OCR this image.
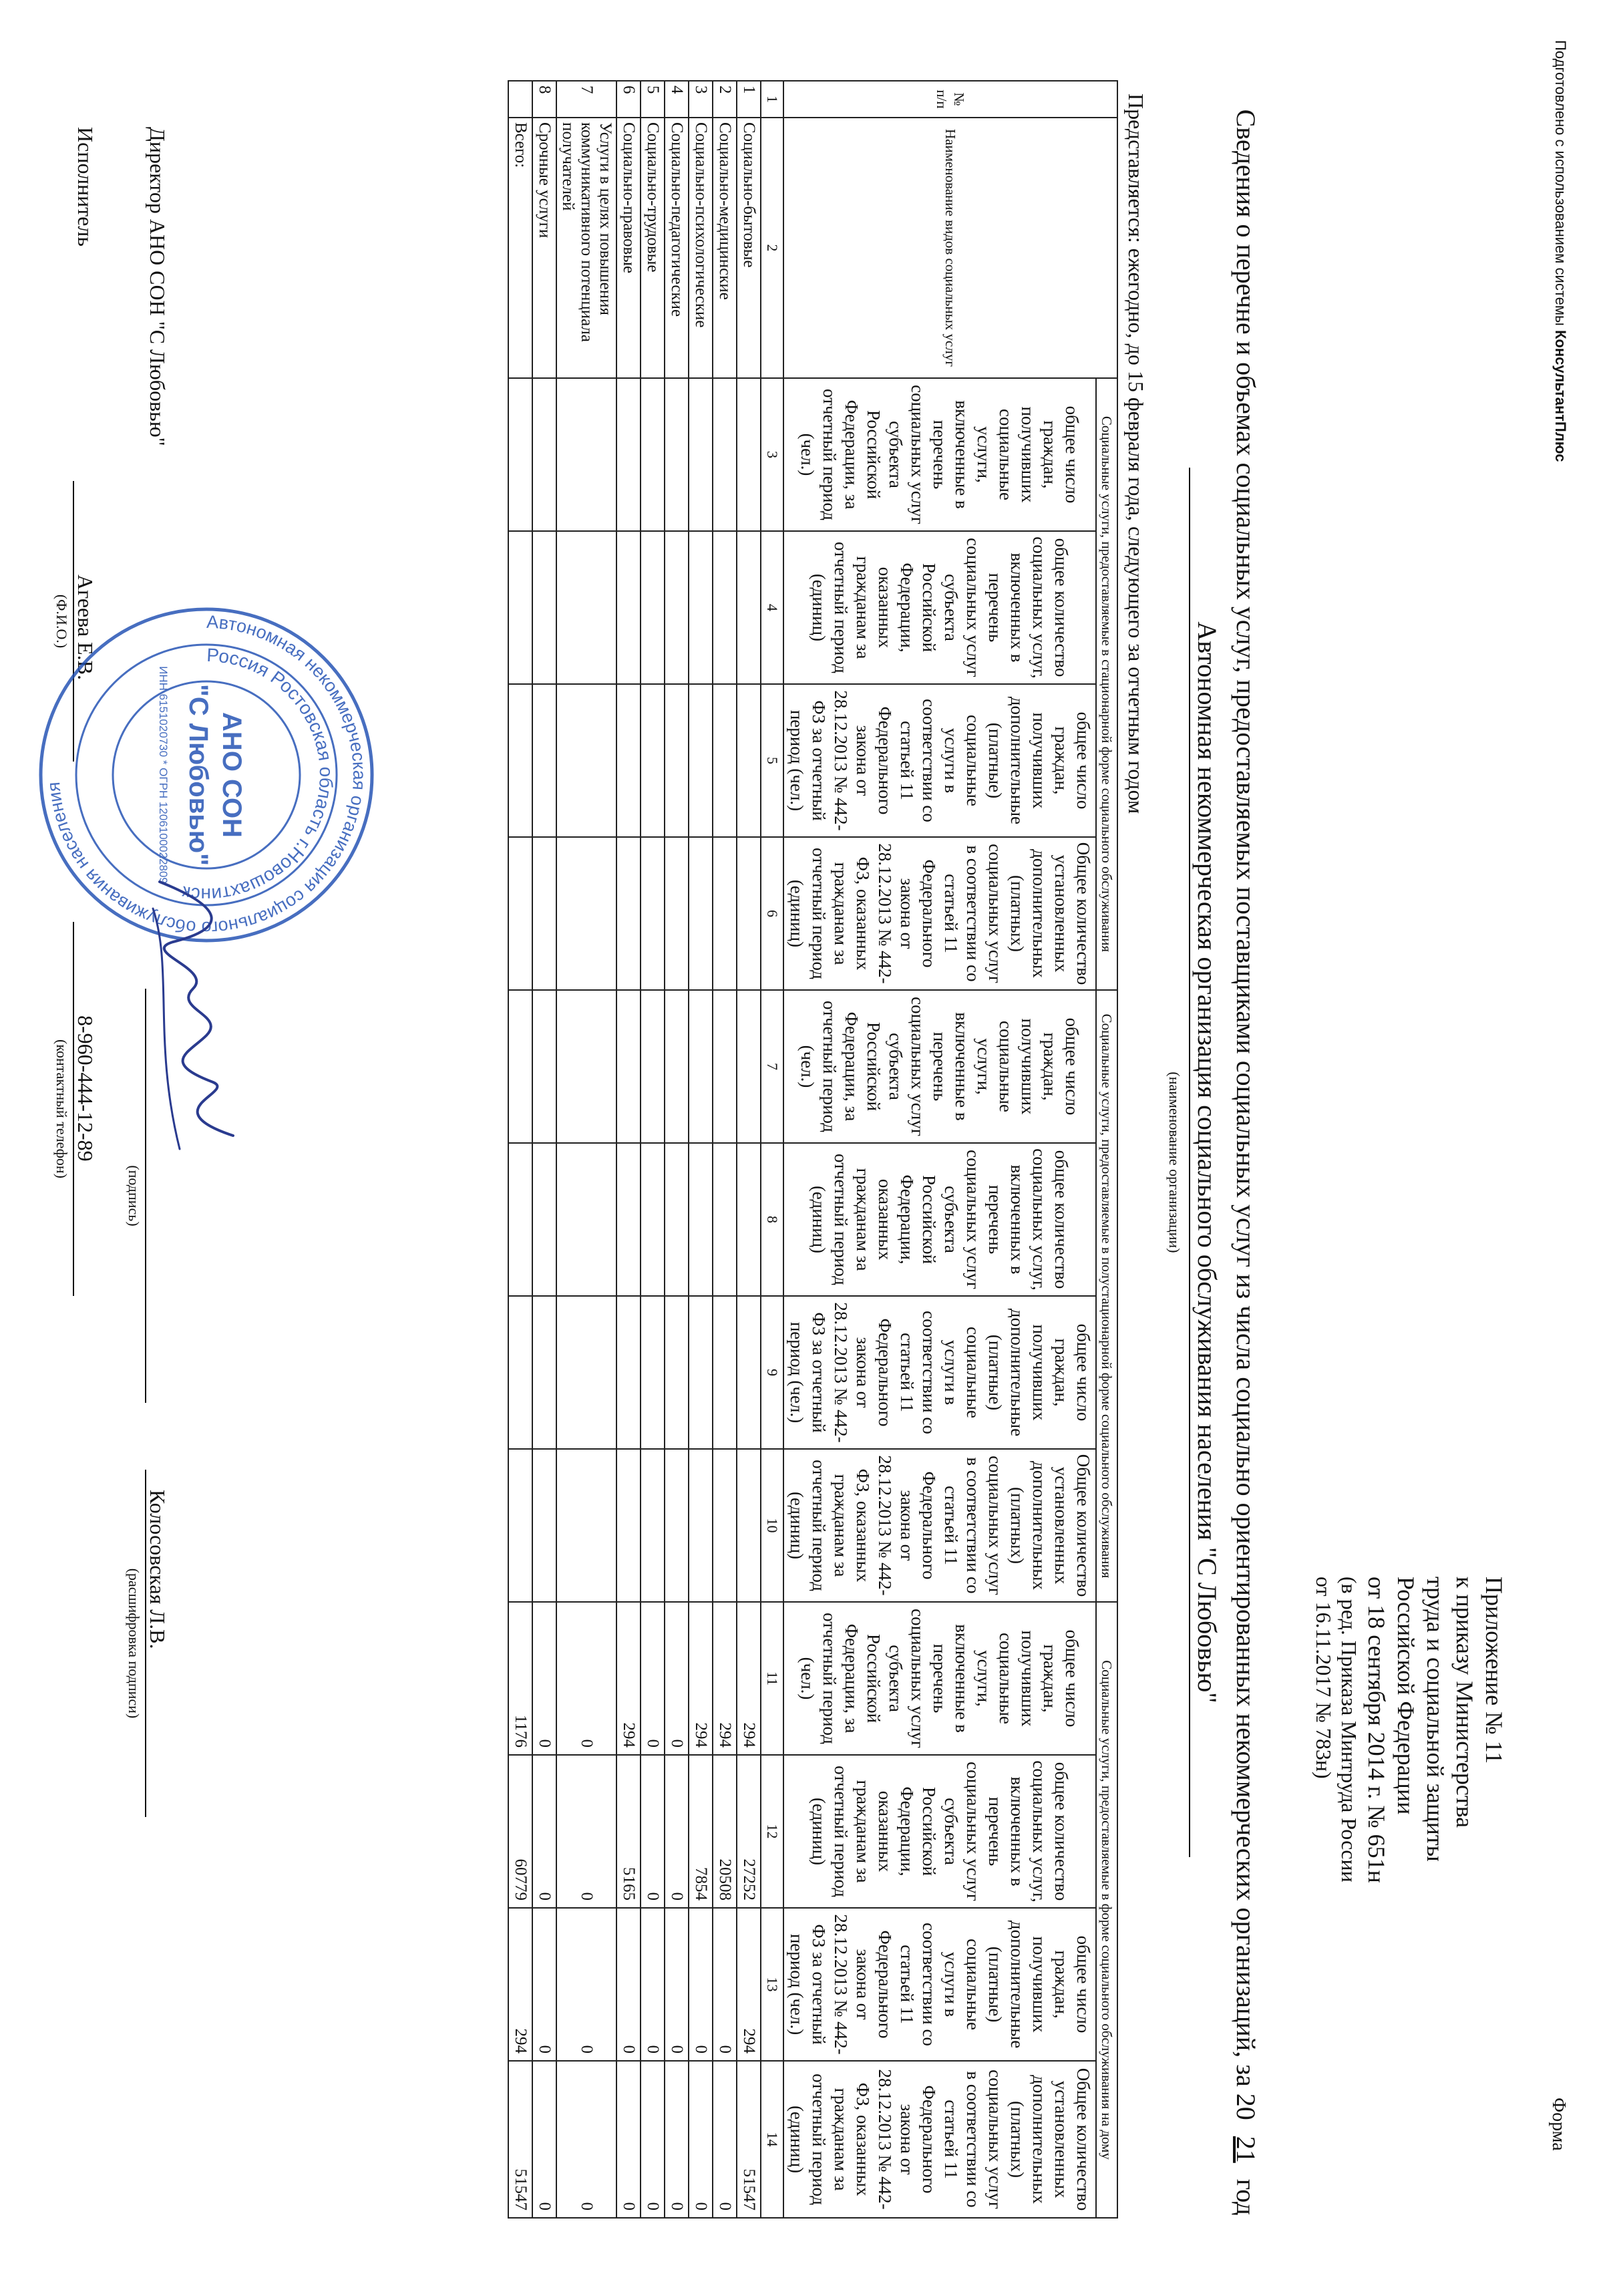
Подготовлено с использованием системы КонсультантПлюс
Форма
Приложение № 11
к приказу Министерства
труда и социальной защиты
Российской Федерации
от 18 сентября 2014 г. № 651н
(в ред. Приказа Минтруда России
от 16.11.2017 № 783н)
Сведения о перечне и объемах социальных услуг, предоставляемых поставщиками социальных услуг из числа социально ориентированных некоммерческих организаций, за 20 21 год
Автономная некоммерческая организация социального обслуживания населения "С Любовью"
(наименование организации)
Представляется: ежегодно, до 15 февраля года, следующего за отчетным годом
№ п/п	Наименование видов социальных услуг	Социальные услуги, предоставляемые в стационарной форме социального обслуживания				Социальные услуги, предоставляемые в полустационарной форме социального обслуживания				Социальные услуги, предоставляемые в форме социального обслуживания на дому			
		общее число граждан, получивших социальные услуги, включенные в перечень социальных услуг субъекта Российской Федерации, за отчетный период (чел.)	общее количество социальных услуг, включенных в перечень социальных услуг субъекта Российской Федерации, оказанных гражданам за отчетный период (единиц)	общее число граждан, получивших дополнительные (платные) социальные услуги в соответствии со статьей 11 Федерального закона от 28.12.2013 № 442-ФЗ за отчетный период (чел.)	Общее количество установленных дополнительных (платных) социальных услуг в соответствии со статьей 11 Федерального закона от 28.12.2013 № 442-ФЗ, оказанных гражданам за отчетный период (единиц)	общее число граждан, получивших социальные услуги, включенные в перечень социальных услуг субъекта Российской Федерации, за отчетный период (чел.)	общее количество социальных услуг, включенных в перечень социальных услуг субъекта Российской Федерации, оказанных гражданам за отчетный период (единиц)	общее число граждан, получивших дополнительные (платные) социальные услуги в соответствии со статьей 11 Федерального закона от 28.12.2013 № 442-ФЗ за отчетный период (чел.)	Общее количество установленных дополнительных (платных) социальных услуг в соответствии со статьей 11 Федерального закона от 28.12.2013 № 442-ФЗ, оказанных гражданам за отчетный период (единиц)	общее число граждан, получивших социальные услуги, включенные в перечень социальных услуг субъекта Российской Федерации, за отчетный период (чел.)	общее количество социальных услуг, включенных в перечень социальных услуг субъекта Российской Федерации, оказанных гражданам за отчетный период (единиц)	общее число граждан, получивших дополнительные (платные) социальные услуги в соответствии со статьей 11 Федерального закона от 28.12.2013 № 442-ФЗ за отчетный период (чел.)	Общее количество установленных дополнительных (платных) социальных услуг в соответствии со статьей 11 Федерального закона от 28.12.2013 № 442-ФЗ, оказанных гражданам за отчетный период (единиц)
1	2	3	4	5	6	7	8	9	10	11	12	13	14
1	Социально-бытовые									294	27252	294	51547
2	Социально-медицинские									294	20508	0	0
3	Социально-психологические									294	7854	0	0
4	Социально-педагогические									0	0	0	0
5	Социально-трудовые									0	0	0	0
6	Социально-правовые									294	5165	0	0
7	Услуги в целях повышения коммуникативного потенциала получателей									0	0	0	0
8	Срочные услуги									0	0	0	0
	Всего:									1176	60779	294	51547
Директор АНО СОН "С Любовью"
(подпись)
Колосовская Л.В.
(расшифровка подписи)
Исполнитель
Агеева Е.В.
(Ф.И.О.)
8-960-444-12-89
(контактный телефон)
Автономная некоммерческая организация социального обслуживания населения
Россия Ростовская область г.Новошахтинск
АНО СОН
"С Любовью"
ИНН 6151020730 * ОГРН 1206100022809
